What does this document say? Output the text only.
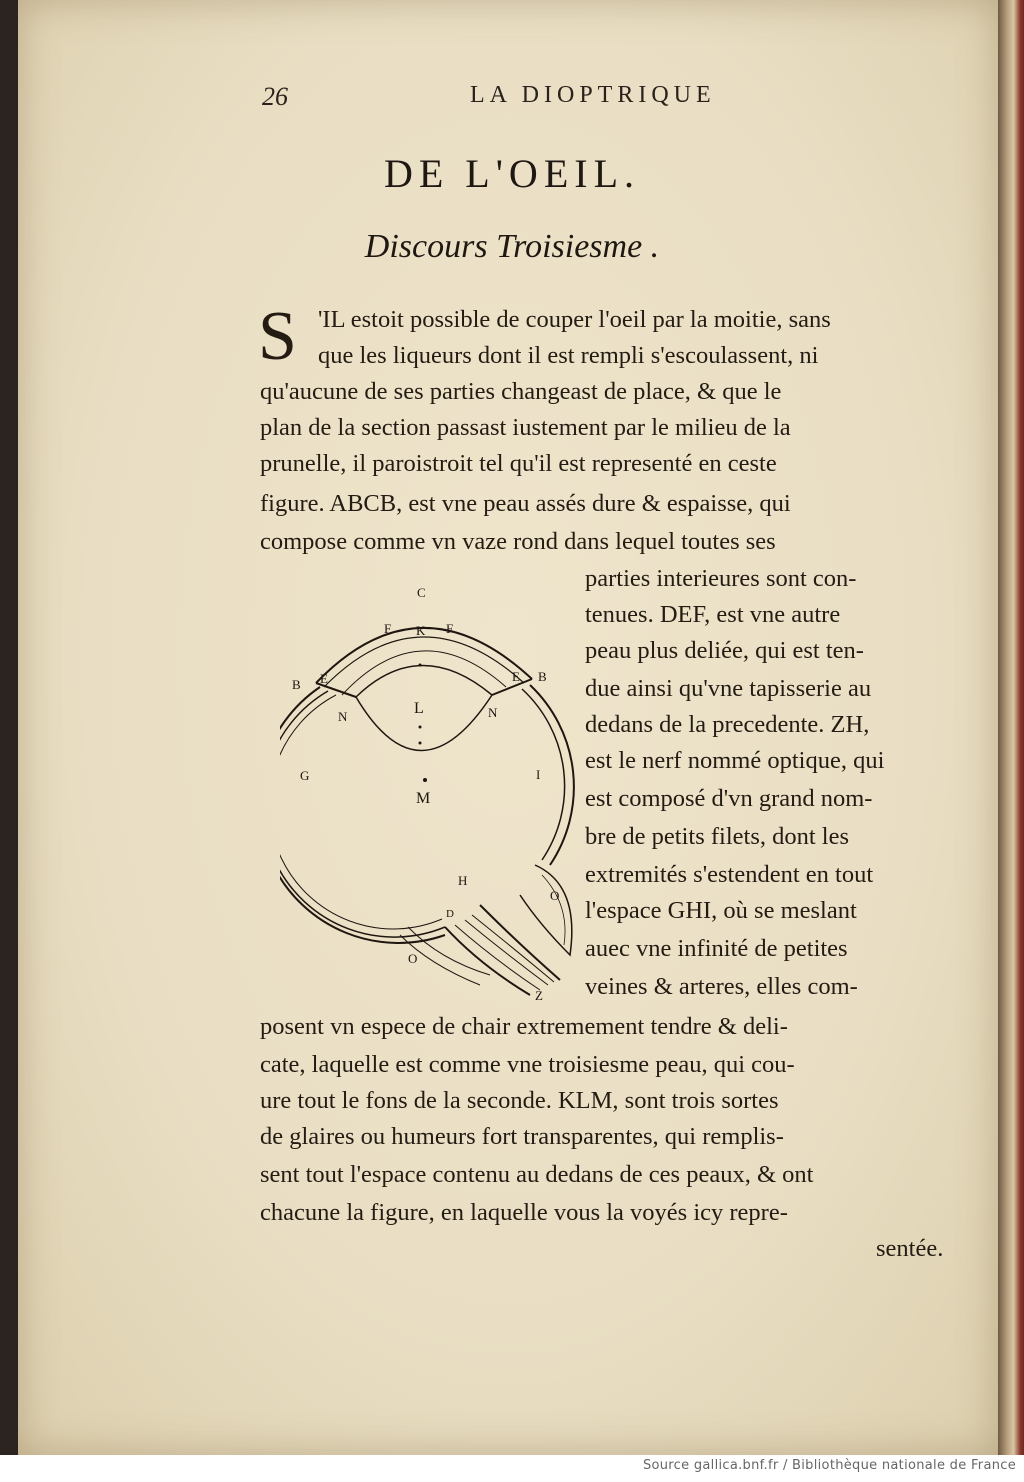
26	LA DIOPTRIQUE
DE L'OEIL.
Discours Troisiesme .
S 'IL estoit possible de couper l'oeil par la moitie, sans
que les liqueurs dont il est rempli s'escoulassent, ni
qu'aucune de ses parties changeast de place, & que le
plan de la section passast iustement par le milieu de la
prunelle, il paroistroit tel qu'il est representé en ceste
figure. ABCB, est vne peau assés dure & espaisse, qui
compose comme vn vaze rond dans lequel toutes ses
parties interieures sont con-
tenues. DEF, est vne autre
peau plus deliée, qui est ten-
due ainsi qu'vne tapisserie au
dedans de la precedente. ZH,
est le nerf nommé optique, qui
est composé d'vn grand nom-
bre de petits filets, dont les
extremités s'estendent en tout
l'espace GHI, où se meslant
auec vne infinité de petites
veines & arteres, elles com-
posent vn espece de chair extremement tendre & deli-
cate, laquelle est comme vne troisiesme peau, qui cou-
ure tout le fons de la seconde. KLM, sont trois sortes
de glaires ou humeurs fort transparentes, qui remplis-
sent tout l'espace contenu au dedans de ces peaux, & ont
chacune la figure, en laquelle vous la voyés icy repre-
sentée.
C
F K F
B E	E B
N	L	N
G	I
M
H
O
D
O
Z
Source gallica.bnf.fr / Bibliothèque nationale de France
